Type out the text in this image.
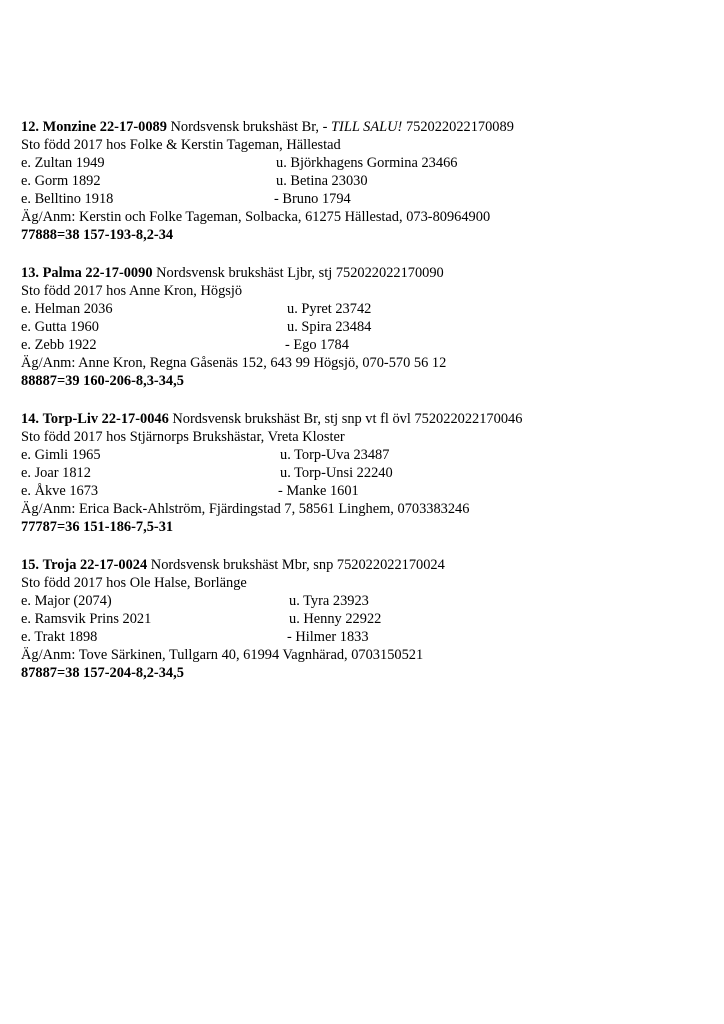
12. Monzine 22-17-0089 Nordsvensk brukshäst Br, - TILL SALU! 752022022170089
Sto född 2017 hos Folke & Kerstin Tageman, Hällestad
e. Zultan 1949	u. Björkhagens Gormina 23466
e. Gorm 1892	u. Betina 23030
e. Belltino 1918	- Bruno 1794
Äg/Anm: Kerstin och Folke Tageman, Solbacka, 61275 Hällestad, 073-80964900
77888=38 157-193-8,2-34
13. Palma 22-17-0090 Nordsvensk brukshäst Ljbr, stj 752022022170090
Sto född 2017 hos Anne Kron, Högsjö
e. Helman 2036	u. Pyret 23742
e. Gutta 1960	u. Spira 23484
e. Zebb 1922	- Ego 1784
Äg/Anm: Anne Kron, Regna Gåsenäs 152, 643 99 Högsjö, 070-570 56 12
88887=39 160-206-8,3-34,5
14. Torp-Liv 22-17-0046 Nordsvensk brukshäst Br, stj snp vt fl övl 752022022170046
Sto född 2017 hos Stjärnorps Brukshästar, Vreta Kloster
e. Gimli 1965	u. Torp-Uva 23487
e. Joar 1812	u. Torp-Unsi 22240
e. Åkve 1673	- Manke 1601
Äg/Anm: Erica Back-Ahlström, Fjärdingstad 7, 58561 Linghem, 0703383246
77787=36 151-186-7,5-31
15. Troja 22-17-0024 Nordsvensk brukshäst Mbr, snp 752022022170024
Sto född 2017 hos Ole Halse, Borlänge
e. Major (2074)	u. Tyra 23923
e. Ramsvik Prins 2021	u. Henny 22922
e. Trakt 1898	- Hilmer 1833
Äg/Anm: Tove Särkinen, Tullgarn 40, 61994 Vagnhärad, 0703150521
87887=38 157-204-8,2-34,5
